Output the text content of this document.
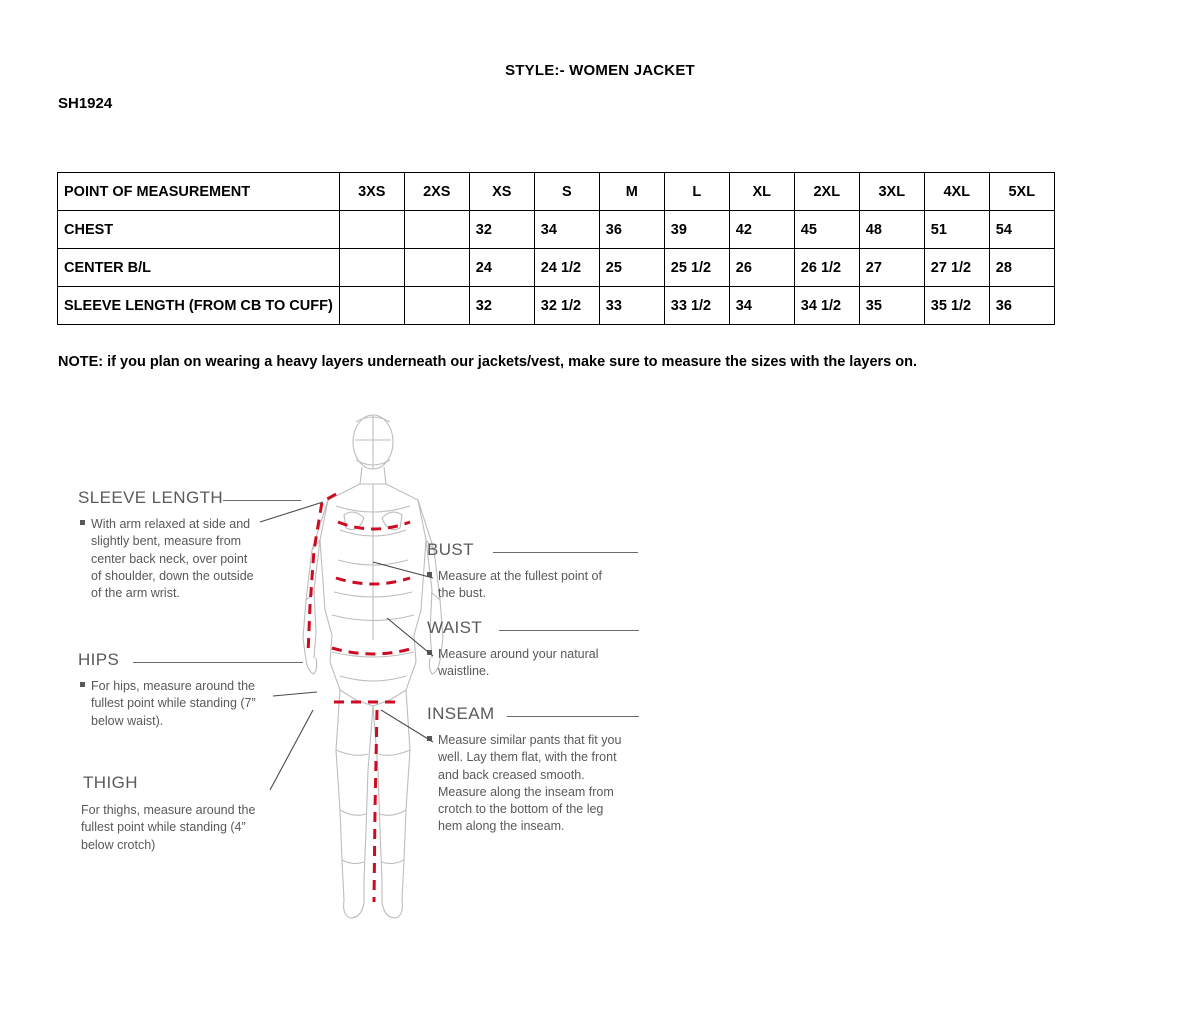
STYLE:- WOMEN JACKET
SH1924
POINT OF MEASUREMENT	3XS	2XS	XS	S	M	L	XL	2XL	3XL	4XL	5XL
CHEST			32	34	36	39	42	45	48	51	54
CENTER B/L			24	24 1/2	25	25 1/2	26	26 1/2	27	27 1/2	28
SLEEVE LENGTH (FROM CB TO CUFF)			32	32 1/2	33	33 1/2	34	34 1/2	35	35 1/2	36
NOTE: if you plan on wearing a heavy layers underneath our jackets/vest, make sure to measure the sizes with the layers on.
SLEEVE LENGTH
With arm relaxed at side and slightly bent, measure from center back neck, over point of shoulder, down the outside of the arm wrist.
HIPS
For hips, measure around the fullest point while standing (7” below waist).
THIGH
For thighs, measure around the fullest point while standing (4” below crotch)
BUST
Measure at the fullest point of the bust.
WAIST
Measure around your natural waistline.
INSEAM
Measure similar pants that fit you well. Lay them flat, with the front and back creased smooth. Measure along the inseam from crotch to the bottom of the leg hem along the inseam.
